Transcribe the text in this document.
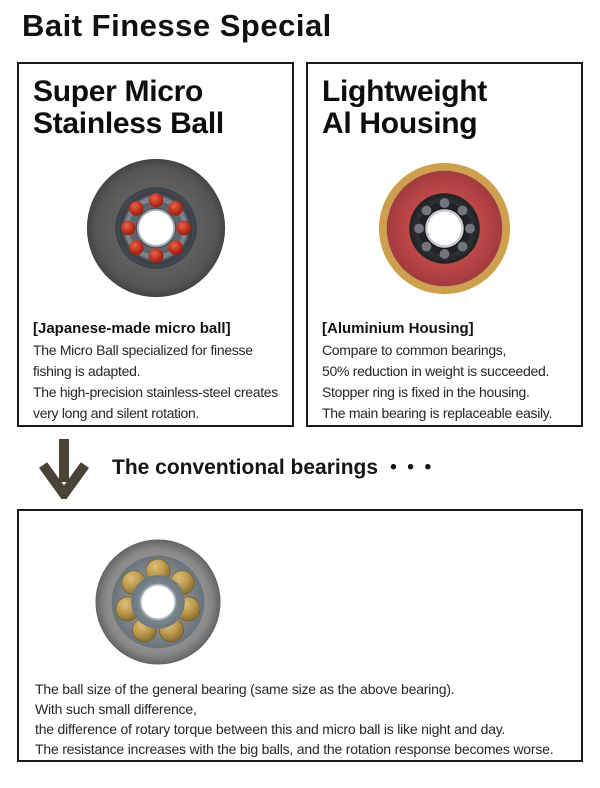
Bait Finesse Special
Super Micro
Stainless Ball

[Japanese-made micro ball]

The Micro Ball specialized for finesse
fishing is adapted.
The high-precision stainless-steel creates
very long and silent rotation.
Lightweight
Al Housing

[Aluminium Housing]

Compare to common bearings,
50% reduction in weight is succeeded.
Stopper ring is fixed in the housing.
The main bearing is replaceable easily.
The conventional bearings •  •  •
The ball size of the general bearing (same size as the above bearing).
With such small difference,
the difference of rotary torque between this and micro ball is like night and day.
The resistance increases with the big balls, and the rotation response becomes worse.
